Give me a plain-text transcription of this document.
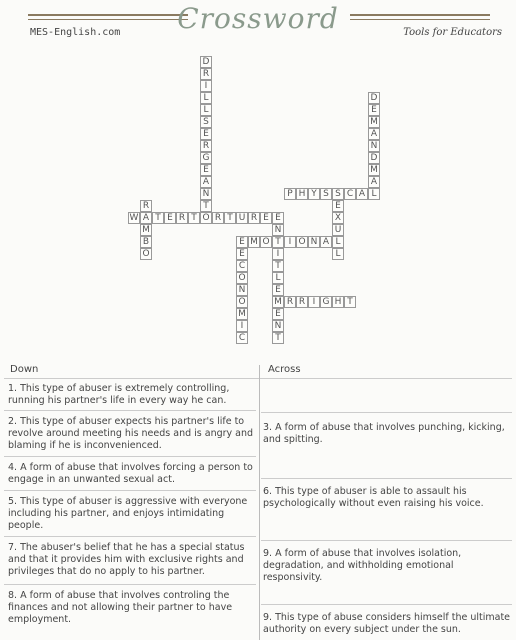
Crossword
MES-English.com	Tools for Educators
D
R
I
L
L
S
E
R
G
E
A
N
T
D
E
M
A
N
D
M
A
L
P H Y S S C A
E
X
U
L
L
R
A
M
B
O
W	T E R T O R T U R E E
N
T
I
T
L
E
M
E
N
T
E M O	I O N A
E
C
O
N
O
M
I
C
R R I G H T
Down	Across
1. This type of abuser is extremely controlling, running his partner's life in every way he can.
2. This type of abuser expects his partner's life to revolve around meeting his needs and is angry and blaming if he is inconvenienced.
4. A form of abuse that involves forcing a person to engage in an unwanted sexual act.
5. This type of abuser is aggressive with everyone including his partner, and enjoys intimidating people.
7. The abuser's belief that he has a special status and that it provides him with exclusive rights and privileges that do no apply to his partner.
8. A form of abuse that involves controling the finances and not allowing their partner to have employment.
3. A form of abuse that involves punching, kicking, and spitting.
6. This type of abuser is able to assault his psychologically without even raising his voice.
9. A form of abuse that involves isolation, degradation, and withholding emotional responsivity.
9. This type of abuse considers himself the ultimate authority on every subject under the sun.
